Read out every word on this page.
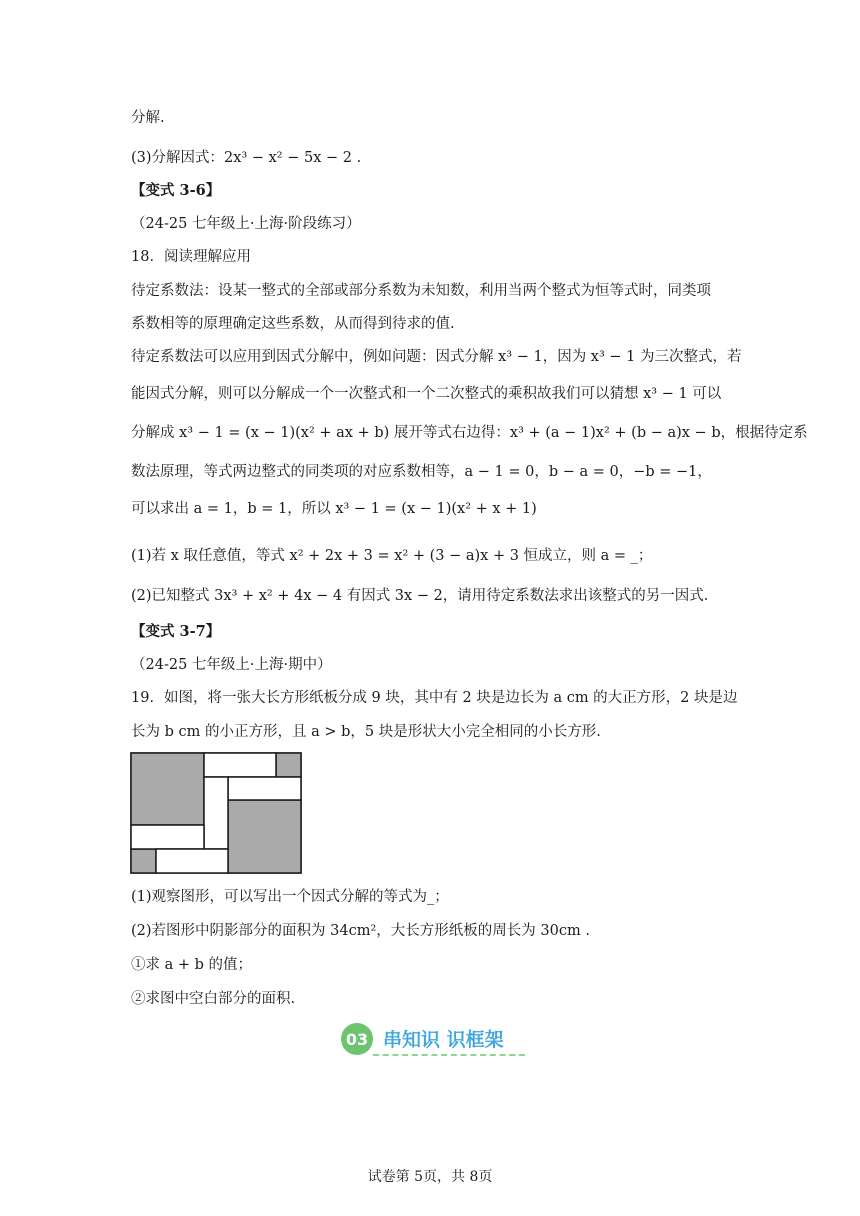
分解.
(3)分解因式：2x³ − x² − 5x − 2 .
【变式 3-6】
（24-25 七年级上·上海·阶段练习）
18．阅读理解应用
待定系数法：设某一整式的全部或部分系数为未知数，利用当两个整式为恒等式时，同类项
系数相等的原理确定这些系数，从而得到待求的值.
待定系数法可以应用到因式分解中，例如问题：因式分解 x³ − 1，因为 x³ − 1 为三次整式，若
能因式分解，则可以分解成一个一次整式和一个二次整式的乘积故我们可以猜想 x³ − 1 可以
分解成 x³ − 1 = (x − 1)(x² + ax + b) 展开等式右边得：x³ + (a − 1)x² + (b − a)x − b，根据待定系
数法原理，等式两边整式的同类项的对应系数相等，a − 1 = 0，b − a = 0，−b = −1，
可以求出 a = 1，b = 1，所以 x³ − 1 = (x − 1)(x² + x + 1)
(1)若 x 取任意值，等式 x² + 2x + 3 = x² + (3 − a)x + 3 恒成立，则 a = _；
(2)已知整式 3x³ + x² + 4x − 4 有因式 3x − 2，请用待定系数法求出该整式的另一因式.
【变式 3-7】
（24-25 七年级上·上海·期中）
19．如图，将一张大长方形纸板分成 9 块，其中有 2 块是边长为 a cm 的大正方形，2 块是边
长为 b cm 的小正方形，且 a > b，5 块是形状大小完全相同的小长方形.
(1)观察图形，可以写出一个因式分解的等式为_；
(2)若图形中阴影部分的面积为 34cm²，大长方形纸板的周长为 30cm .
①求 a + b 的值；
②求图中空白部分的面积.
03 串知识 识框架
试卷第 5页，共 8页
